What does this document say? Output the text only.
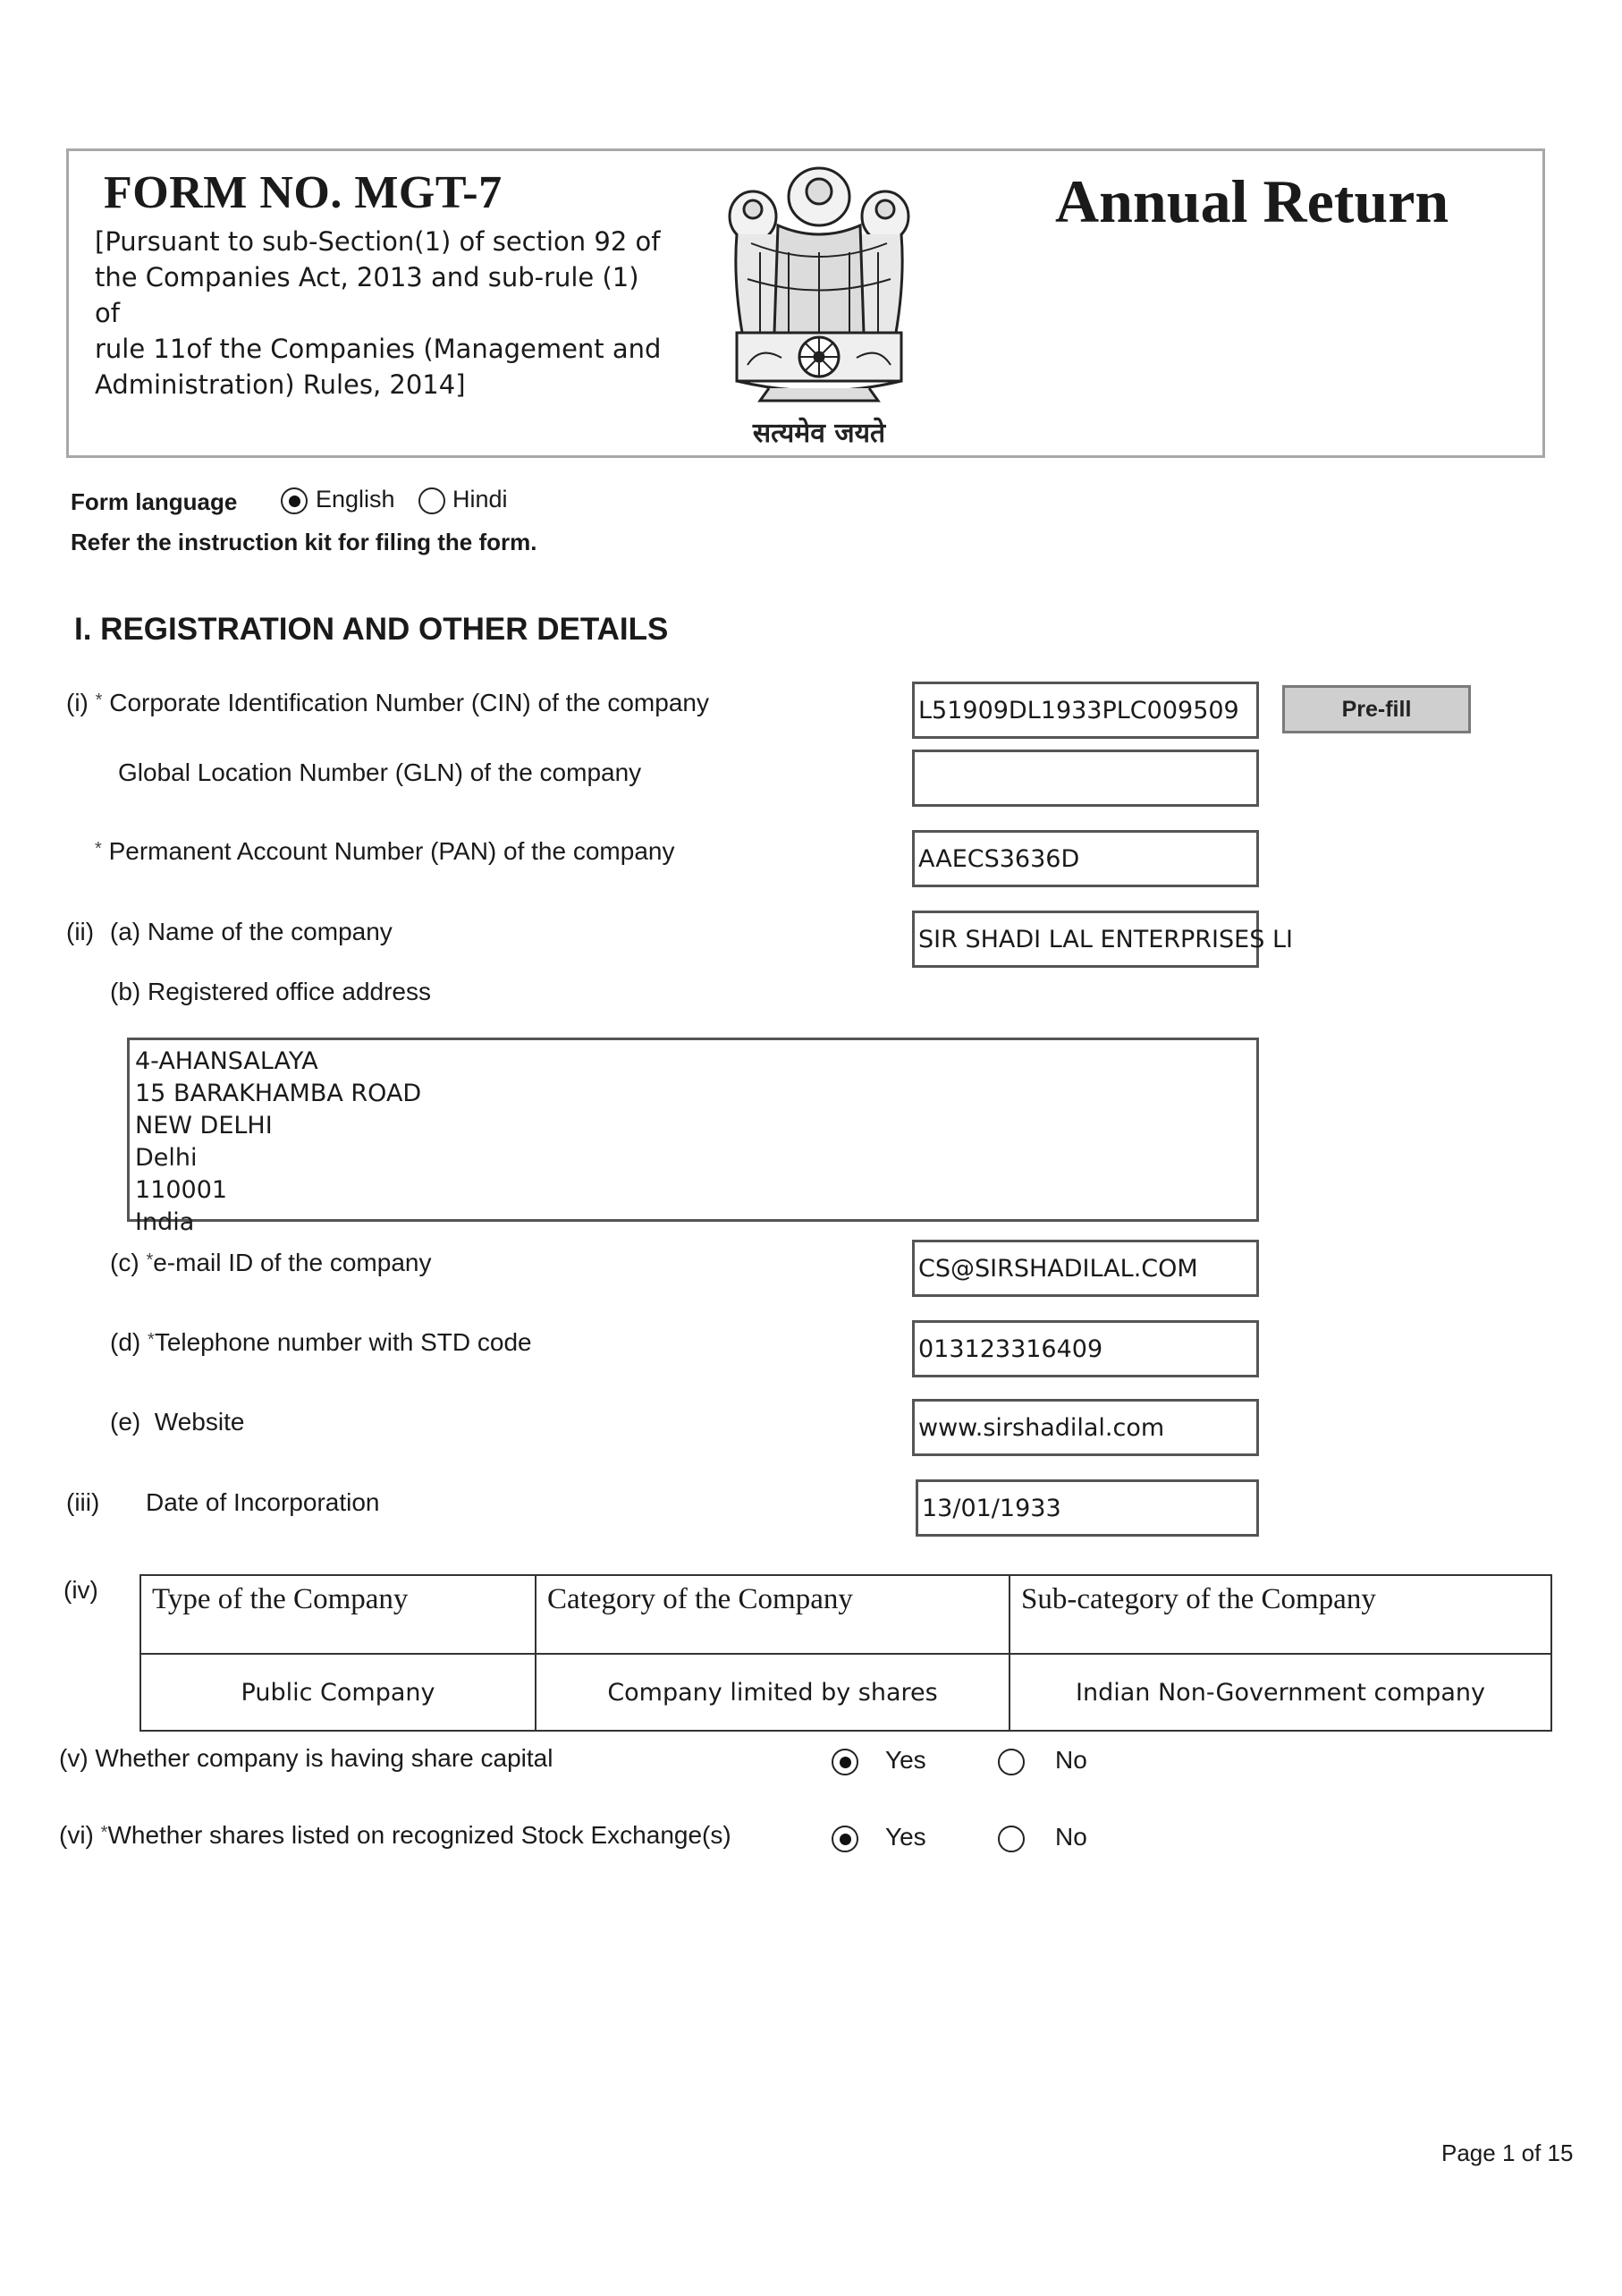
FORM NO. MGT-7
[Pursuant to sub-Section(1) of section 92 of
the Companies Act, 2013 and sub-rule (1) of
rule 11of the Companies (Management and
Administration) Rules, 2014]
Annual Return
सत्यमेव जयते
Form language	English Hindi
Refer the instruction kit for filing the form.
I. REGISTRATION AND OTHER DETAILS
(i) * Corporate Identification Number (CIN) of the company	L51909DL1933PLC009509	Pre-fill
Global Location Number (GLN) of the company
* Permanent Account Number (PAN) of the company	AAECS3636D
(ii) (a) Name of the company	SIR SHADI LAL ENTERPRISES LI
(b) Registered office address
4-AHANSALAYA
15 BARAKHAMBA ROAD
NEW DELHI
Delhi
110001
India
(c) *e-mail ID of the company	CS@SIRSHADILAL.COM
(d) *Telephone number with STD code	013123316409
(e)  Website	www.sirshadilal.com
(iii) Date of Incorporation	13/01/1933
(iv) Type of the Company	Category of the Company	Sub-category of the Company
Public Company	Company limited by shares	Indian Non-Government company
(v) Whether company is having share capital	Yes	No
(vi) *Whether shares listed on recognized Stock Exchange(s)	Yes	No
Page 1 of 15
